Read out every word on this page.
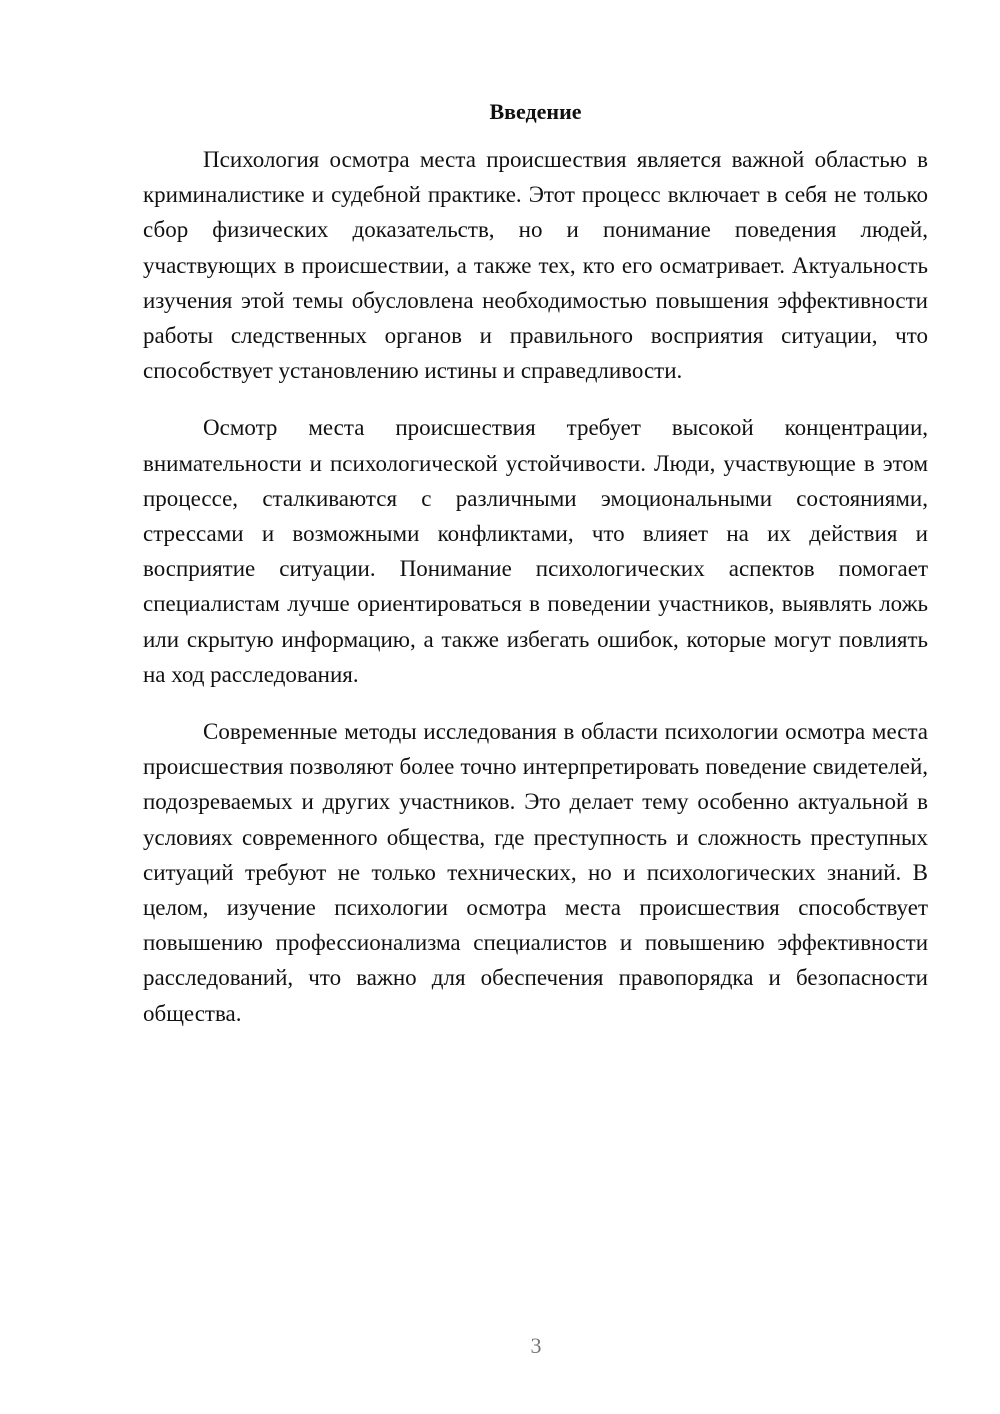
Введение

Психология осмотра места происшествия является важной областью в криминалистике и судебной практике. Этот процесс включает в себя не только сбор физических доказательств, но и понимание поведения людей, участвующих в происшествии, а также тех, кто его осматривает. Актуальность изучения этой темы обусловлена необходимостью повышения эффективности работы следственных органов и правильного восприятия ситуации, что способствует установлению истины и справедливости.

Осмотр места происшествия требует высокой концентрации, внимательности и психологической устойчивости. Люди, участвующие в этом процессе, сталкиваются с различными эмоциональными состояниями, стрессами и возможными конфликтами, что влияет на их действия и восприятие ситуации. Понимание психологических аспектов помогает специалистам лучше ориентироваться в поведении участников, выявлять ложь или скрытую информацию, а также избегать ошибок, которые могут повлиять на ход расследования.

Современные методы исследования в области психологии осмотра места происшествия позволяют более точно интерпретировать поведение свидетелей, подозреваемых и других участников. Это делает тему особенно актуальной в условиях современного общества, где преступность и сложность преступных ситуаций требуют не только технических, но и психологических знаний. В целом, изучение психологии осмотра места происшествия способствует повышению профессионализма специалистов и повышению эффективности расследований, что важно для обеспечения правопорядка и безопасности общества.

3
